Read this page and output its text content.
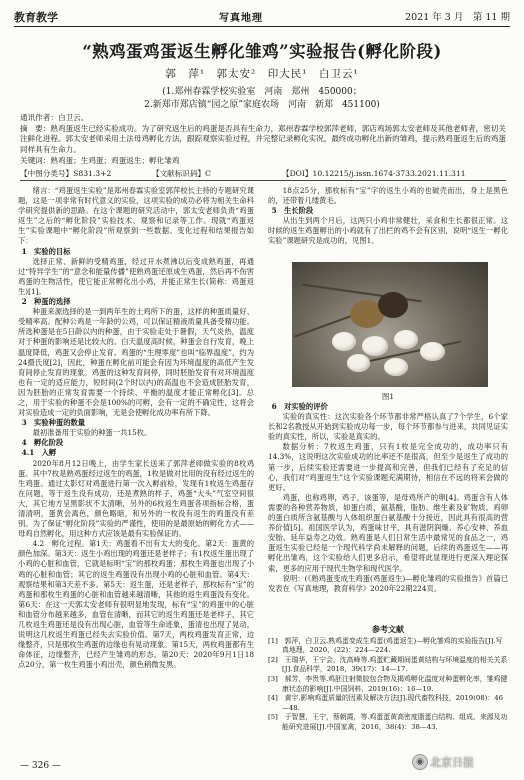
教育教学	写真地理	2021 年 3 月　第 11 期
“熟鸡蛋鸡蛋返生孵化雏鸡”实验报告(孵化阶段)
郭　萍¹　郭太安²　印大民¹　白卫云¹
(1.郑州春霖学校实验室　河南　郑州　450000；
2.新郑市郑店镇“园之原”家庭农场　河南　新郑　451100)
通讯作者：白卫云。
摘　要：熟鸡蛋返生已经实验成功。为了研究返生后的鸡蛋是否具有生命力，郑州春霖学校郭萍老师，郭店鸡场郭太安老师及其他老师者，密切关注鲜化进程。郭太安老师采用土法母鸡孵化方法，跟踪观察实验过程，并完整记录孵化实况，最终成功孵化出新的雏鸡，提示熟鸡蛋返生后的鸡蛋同样具有生命力。
关键词：熟鸡蛋；生鸡蛋；鸡蛋返生；孵化雏鸡
【中图分类号】S831.3+2	【文献标识码】C	【DOI】10.12215/j.issn.1674-3733.2021.11.311

绪言：“鸡蛋返生实验”是郑州春霖实验室郭萍校长主持的专题研究课题，这是一项非常有时代意义的实验，这项实验的成功必将为相关生命科学研究提供新的思路。在这个课题的研究活动中，郭太安老师负责“鸡蛋返生”之后的“孵化阶段”实验技术、观察和记录等工作。现就“鸡蛋返生”实验课题中“孵化阶段”所观察到一些数据、变化过程和结果报告如下：

1　实验的目标

选择正常、新鲜的受精鸡蛋，经过开水煮沸以后变成熟鸡蛋，再通过“特异学生”的“意念和能量传播”使熟鸡蛋还原成生鸡蛋，然后再不伤害鸡蛋的生物活性，使它能正常孵化出小鸡，并能正常生长(简称：鸡蛋返生)[1]。

2　种蛋的选择

种蛋来源选择的是一到两年生的土鸡所下的蛋，这样的种蛋质量好、受精率高。配种公鸡是一年龄的公鸡，可以保证精液质量具备受精功能。所选种蛋是在5日龄以内的种蛋，由于实验走处于暑假，天气炎热，温度对于种蛋的影响还是比较大的。白天温度高时候，种蛋会自行发育，晚上温度降低，鸡蛋又会停止发育。鸡蛋的“生理零度”也叫“临界温度”，约为24摄氏度[2]，因此，种蛋在孵化前可能会有因为环境温度的高低产生发育间停止发育的现象。鸡蛋的这种发育间停，同时胚胎发育有对环境温度也有一定的适应能力，短时间(2个时以内)的高温也不会造成胚胎发育，因为胚胎的正常发育需要一个持续、平衡的温度才能正常孵化[3]。总之，用于实验的种蛋不会是100%的可孵，会有一定的不确定性，这将会对实验造成一定的负面影响，无是会使孵化成功率有所下降。

3　实验种蛋的数量

最初准备用于实验的种蛋一共15枚。

4　孵化阶段

4.1　入孵

2020年8月12日晚上，由学生家长送来了郭萍老师做实验的8枚鸡蛋。其中7枚是熟鸡蛋经过返生的鸡蛋，1枚是做对比用的没有经过返生的生鸡蛋。通过太影灯对鸡蛋进行第一次入孵前检，发现有1枚返生鸡蛋存在问题，等于返生没有成功，还是煮熟的样子，鸡蛋“大头”气室空间很大，其它地方呈黑影状不太清晰，另外的6枚返生鸡蛋各项指标合格，蛋清清明，蛋黄会离色，颜色略暗，和另外的一枚没有返生的鸡蛋没有差别。为了保证“孵化阶段”实验的严谨性，使用的是最原始的孵化方式——母鸡自然孵化，用这种方式应该是最有实验保证的。

4.2　孵化过程。第1天：鸡蛋看不出有太大的变化。第2天：蛋黄的颜色加深。第3天：返生小鸡出现的鸡蛋还是老样子；有1枚返生蛋出现了小鸡的心脏和血管，它就是标明“宝”的那枚鸡蛋；那枚生鸡蛋也出现了小鸡的心脏和血管；其它的返生鸡蛋没有出现小鸡的心脏和血管。第4天：观察结果和第3天差不多。第5天：返生蛋，还是老样子，那枚标有“宝”的鸡蛋和那枚生鸡蛋的心脏和血管越来越清晰，其他的返生鸡蛋没有变化。第6天：在这一天郭太安老师有很明显地发现，标有“宝”的鸡蛋中的心脏和血管分布越来越多，血管在清晰，而其它的返生鸡蛋还是老样子，其它几枚返生鸡蛋还是没有出现心脏，血管等生命迹象，蛋清也出现了晃动，说明这几枚返生鸡蛋已经失去实验价值。第7天，两枚鸡蛋发育正常，边缘整齐，只是那枚生鸡蛋的边缘也有晃动现象。第15天，两枚鸡蛋都有生命体征，边缘整齐，已经产生雏鸡的形态。第20天：2020年9月1日18点20分，第一枚生鸡蛋小鸡出壳，颜色稍微发黑。

18点25分，那枚标有“宝”字的返生小鸡的也破壳而出，身上是黑色的，还带着几缕黄毛。

5　生长阶段

从出生到两个月后，这两只小鸡非常健壮，采食和生长都很正常。这时候的返生鸡蛋孵出的小鸡就有了出栏的鸡不会有区别，说明“返生一孵化实验”课题研究是成功的，见图1。

图1

6　对实验的评价

实验的真实性：这次实验各个环节都非常严格认真了7个学生，6个家长和2名教授从开始到实验成功每一步，每个环节都参与进来，共同见证实验的真实性，所以，实验是真实的。

数据分析：7枚返生鸡蛋，只有1枚是完全成功的，成功率只有14.3%，这说明这次实验成功的比率还不是很高，但至少是返生了成功的第一步，后续实验还需要进一步提高和完善，但我们已经有了充足的信心，我们对“鸡蛋返生”这个实验课题充满期待，相信在不远的将来会做的更好。

鸡蛋，也称鸡卵，鸡子，该蛋等，是母鸡所产的卵[4]。鸡蛋含有人体需要的各种营养物质，如蛋白质，氨基酸，脂肪、维生素及矿物质。鸡卵的蛋白质所含氨基酸与人体组织蛋白氨基酸十分接近，因此具有很高的营养价值[5]。祖国医学认为，鸡蛋味甘平，具有滋阴润燥、养心安神、养血安胎、延年益寿之功效。熟鸡蛋是人们日常生活中最常见的食品之一，鸡蛋返生实验已经是一个现代科学尚未解释的问题，后续的鸡蛋返生——再孵化出雏鸡，这个实验给人们更多启示，希望将此显现进行更深入理论探索，更多的应用于现代生物学和现代医学。

说明：(《熟鸡蛋变成生鸡蛋(鸡蛋返生)—孵化雏鸡的实验报告》首篇已发表在《写真地理，教育科学》2020年22期224页。

参考文献
[1]　郭萍，白卫云.熟鸡蛋变成生鸡蛋(鸡蛋返生)—孵化雏鸡的实验报告[J].写真地理，2020，(22)：224—224.
[2]　王瑞华，王宁会，沈高峰等.鸡蛋贮藏期间蛋黄结构与环境温度的相关关系[J].食品科学，2018，39(17)：14—17.
[3]　郝芳，李贵等.鸡胚注射微胶包合物及揭鸡孵化温度对种蛋孵化率，雏鸡健康状态的影响[J].中国饲料，2019(16)：16—19.
[4]　黄宇.影响鸡蛋质量的因素及解决方法[J].现代畜牧科技，2019(08)：46—48.
[5]　于智慧，王宁，蔡朝霞，等.鸡蛋蛋黄高密度脂蛋白结构、组成、来源及功能研究进展[J].中国家禽，2016，38(4)：38—43.
— 326 —	◉ 北京日报
